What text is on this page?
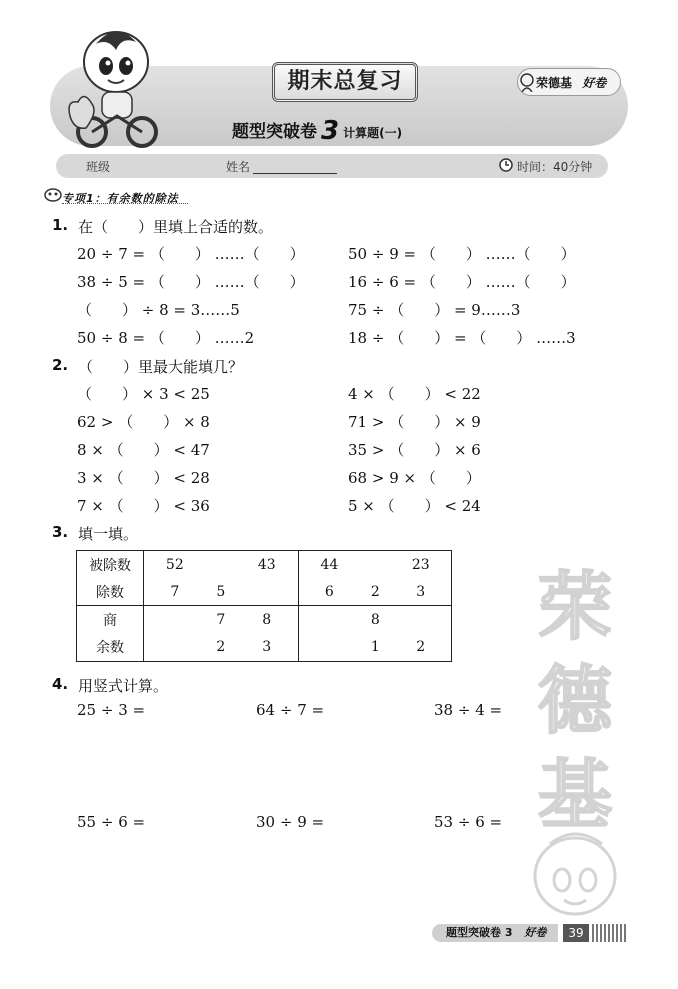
期末总复习
题型突破卷 3 计算题(一)
荣德基 好卷
班级	姓名	时间：40分钟
专项1：有余数的除法
1. 在（　　）里填上合适的数。
20 ÷ 7 = （　　） ……（　　）	50 ÷ 9 = （　　） ……（　　）
38 ÷ 5 = （　　） ……（　　）	16 ÷ 6 = （　　） ……（　　）
（　　） ÷ 8 = 3……5	75 ÷ （　　） = 9……3
50 ÷ 8 = （　　） ……2	18 ÷ （　　） = （　　） ……3
2. （　　）里最大能填几？
（　　） × 3 < 25	4 × （　　） < 22
62 > （　　） × 8	71 > （　　） × 9
8 × （　　） < 47	35 > （　　） × 6
3 × （　　） < 28	68 > 9 × （　　）
7 × （　　） < 36	5 × （　　） < 24
3. 填一填。
被除数	52		43	44		23
除数	7	5		6	2	3
商		7	8		8	
余数		2	3		1	2
4. 用竖式计算。
25 ÷ 3 =	64 ÷ 7 =	38 ÷ 4 =
55 ÷ 6 =	30 ÷ 9 =	53 ÷ 6 =
荣德基
题型突破卷 3 好卷	39
